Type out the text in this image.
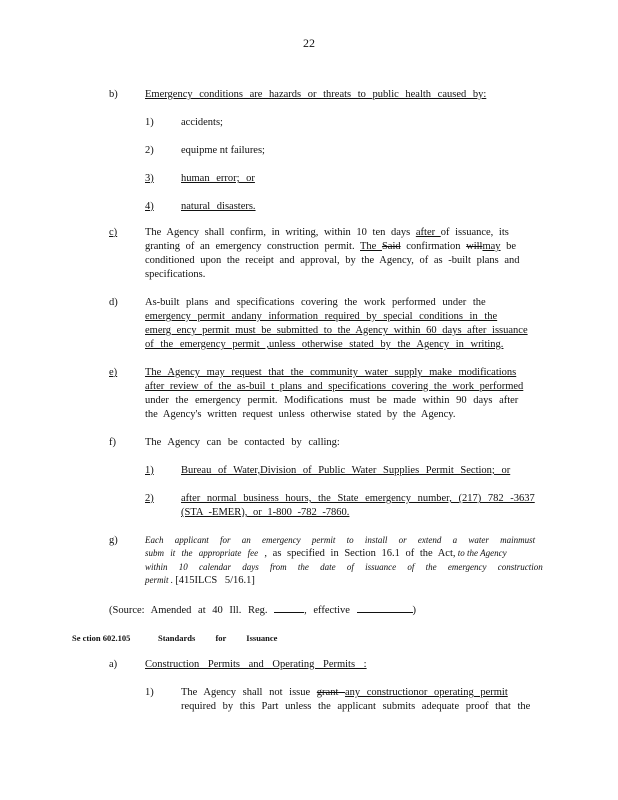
22
b)	Emergency conditions are hazards or threats to public health caused by:
1)	accidents;
2)	equipme nt failures;
3)	human error; or
4)	natural disasters.
c)	The Agency shall confirm, in writing, within 10 ten days after of issuance, its
granting of an emergency construction permit. The Said confirmation willmay be
conditioned upon the receipt and approval, by the Agency, of as -built plans and
specifications.
d)	As-built plans and specifications covering the work performed under the
emergency permit andany information required by special conditions in the
emerg ency permit must be submitted to the Agency within 60 days after issuance
of the emergency permit ,unless otherwise stated by the Agency in writing.
e)	The Agency may request that the community water supply make modifications
after review of the as-buil t plans and specifications covering the work performed
under the emergency permit. Modifications must be made within 90 days after
the Agency's written request unless otherwise stated by the Agency.
f)	The Agency can be contacted by calling:
1)	Bureau of Water,Division of Public Water Supplies Permit Section; or
2)	after normal business hours, the State emergency number, (217) 782 -3637
(STA -EMER), or 1-800 -782 -7860.
g)	Each applicant for an emergency permit to install or extend a water mainmust
subm it the appropriate fee , as specified in Section 16.1 of the Act, to the Agency
within 10 calendar days from the date of issuance of the emergency construction
permit . [415ILCS 5/16.1]
(Source: Amended at 40 Ill. Reg.	, effective	)
Se ction 602.105	Standards for Issuance
a)	Construction Permits and Operating Permits :
1)	The Agency shall not issue grant any constructionor operating permit
required by this Part unless the applicant submits adequate proof that the
